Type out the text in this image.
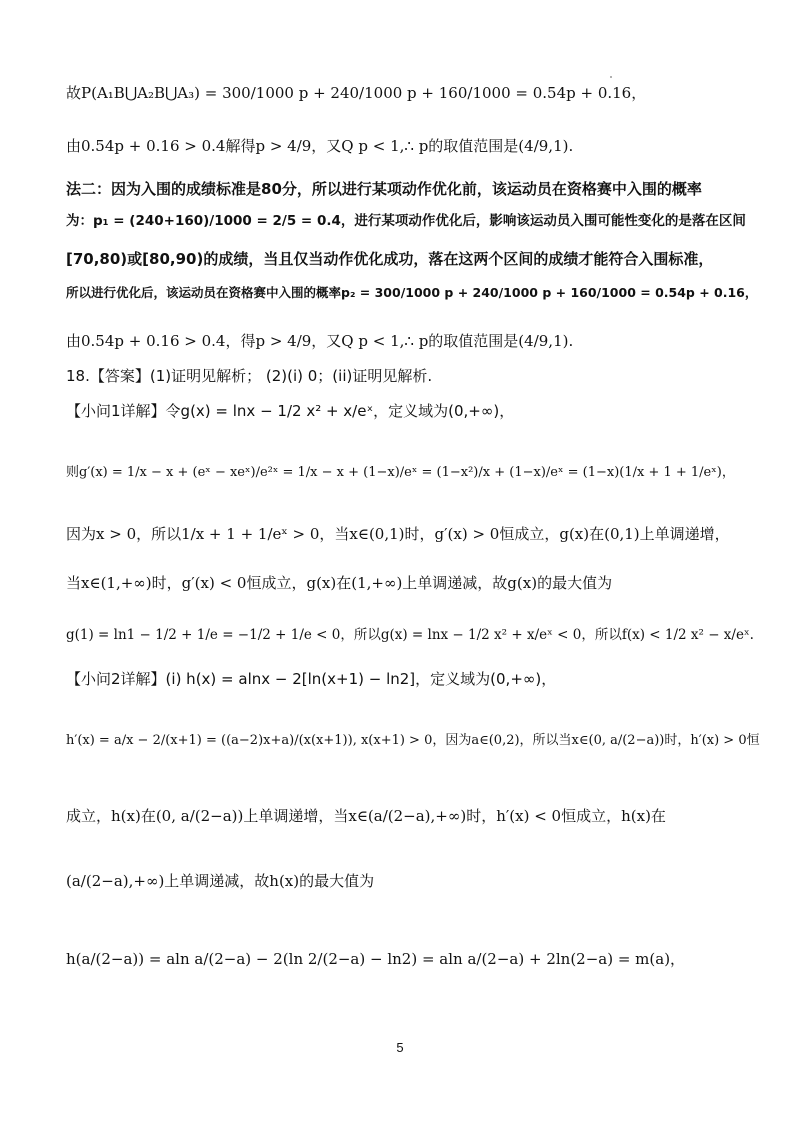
故P(A₁B⋃A₂B⋃A₃) = 300/1000 p + 240/1000 p + 160/1000 = 0.54p + 0.16，
由0.54p + 0.16 > 0.4解得p > 4/9，又Q p < 1,∴ p的取值范围是(4/9,1).
法二：因为入围的成绩标准是80分，所以进行某项动作优化前，该运动员在资格赛中入围的概率
为：p₁ = (240+160)/1000 = 2/5 = 0.4，进行某项动作优化后，影响该运动员入围可能性变化的是落在区间
[70,80)或[80,90)的成绩，当且仅当动作优化成功，落在这两个区间的成绩才能符合入围标准，
所以进行优化后，该运动员在资格赛中入围的概率p₂ = 300/1000 p + 240/1000 p + 160/1000 = 0.54p + 0.16，
由0.54p + 0.16 > 0.4，得p > 4/9，又Q p < 1,∴ p的取值范围是(4/9,1).
18.【答案】(1)证明见解析； (2)(i) 0；(ii)证明见解析.
【小问1详解】令g(x) = lnx − 1/2 x² + x/eˣ，定义域为(0,+∞)，
则g′(x) = 1/x − x + (eˣ − xeˣ)/e²ˣ = 1/x − x + (1−x)/eˣ = (1−x²)/x + (1−x)/eˣ = (1−x)(1/x + 1 + 1/eˣ)，
因为x > 0，所以1/x + 1 + 1/eˣ > 0，当x∈(0,1)时，g′(x) > 0恒成立，g(x)在(0,1)上单调递增，
当x∈(1,+∞)时，g′(x) < 0恒成立，g(x)在(1,+∞)上单调递减，故g(x)的最大值为
g(1) = ln1 − 1/2 + 1/e = −1/2 + 1/e < 0，所以g(x) = lnx − 1/2 x² + x/eˣ < 0，所以f(x) < 1/2 x² − x/eˣ.
【小问2详解】(i) h(x) = alnx − 2[ln(x+1) − ln2]，定义域为(0,+∞)，
h′(x) = a/x − 2/(x+1) = ((a−2)x+a)/(x(x+1)), x(x+1) > 0，因为a∈(0,2)，所以当x∈(0, a/(2−a))时，h′(x) > 0恒
成立，h(x)在(0, a/(2−a))上单调递增，当x∈(a/(2−a),+∞)时，h′(x) < 0恒成立，h(x)在
(a/(2−a),+∞)上单调递减，故h(x)的最大值为
h(a/(2−a)) = aln a/(2−a) − 2(ln 2/(2−a) − ln2) = aln a/(2−a) + 2ln(2−a) = m(a)，
5
